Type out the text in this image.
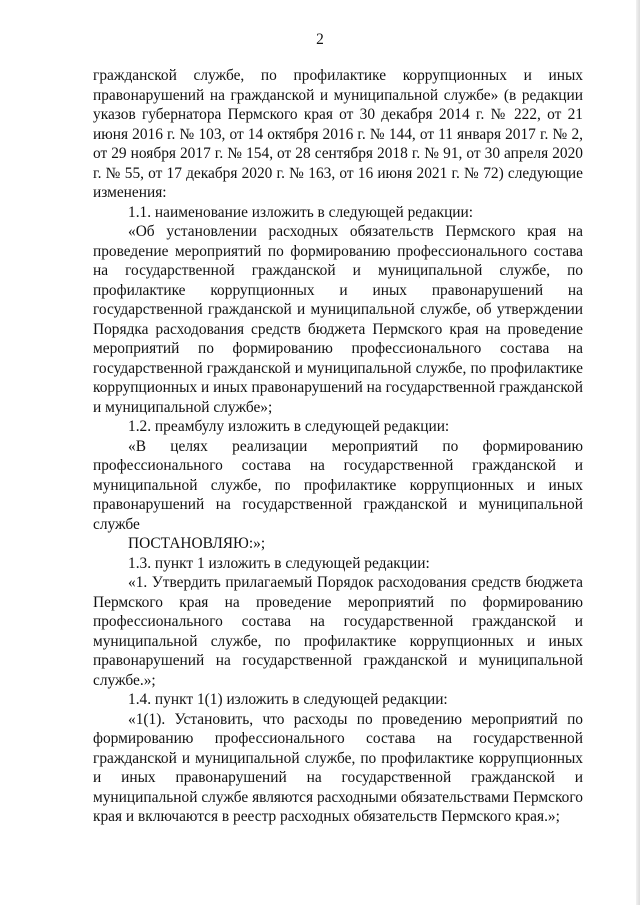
2

гражданской службе, по профилактике коррупционных и иных правонарушений на гражданской и муниципальной службе» (в редакции указов губернатора Пермского края от 30 декабря 2014 г. № 222, от 21 июня 2016 г. № 103, от 14 октября 2016 г. № 144, от 11 января 2017 г. № 2, от 29 ноября 2017 г. № 154, от 28 сентября 2018 г. № 91, от 30 апреля 2020 г. № 55, от 17 декабря 2020 г. № 163, от 16 июня 2021 г. № 72) следующие изменения:

1.1. наименование изложить в следующей редакции:

«Об установлении расходных обязательств Пермского края на проведение мероприятий по формированию профессионального состава на государственной гражданской и муниципальной службе, по профилактике коррупционных и иных правонарушений на государственной гражданской и муниципальной службе, об утверждении Порядка расходования средств бюджета Пермского края на проведение мероприятий по формированию профессионального состава на государственной гражданской и муниципальной службе, по профилактике коррупционных и иных правонарушений на государственной гражданской и муниципальной службе»;

1.2. преамбулу изложить в следующей редакции:

«В целях реализации мероприятий по формированию профессионального состава на государственной гражданской и муниципальной службе, по профилактике коррупционных и иных правонарушений на государственной гражданской и муниципальной службе

ПОСТАНОВЛЯЮ:»;

1.3. пункт 1 изложить в следующей редакции:

«1. Утвердить прилагаемый Порядок расходования средств бюджета Пермского края на проведение мероприятий по формированию профессионального состава на государственной гражданской и муниципальной службе, по профилактике коррупционных и иных правонарушений на государственной гражданской и муниципальной службе.»;

1.4. пункт 1(1) изложить в следующей редакции:

«1(1). Установить, что расходы по проведению мероприятий по формированию профессионального состава на государственной гражданской и муниципальной службе, по профилактике коррупционных и иных правонарушений на государственной гражданской и муниципальной службе являются расходными обязательствами Пермского края и включаются в реестр расходных обязательств Пермского края.»;
